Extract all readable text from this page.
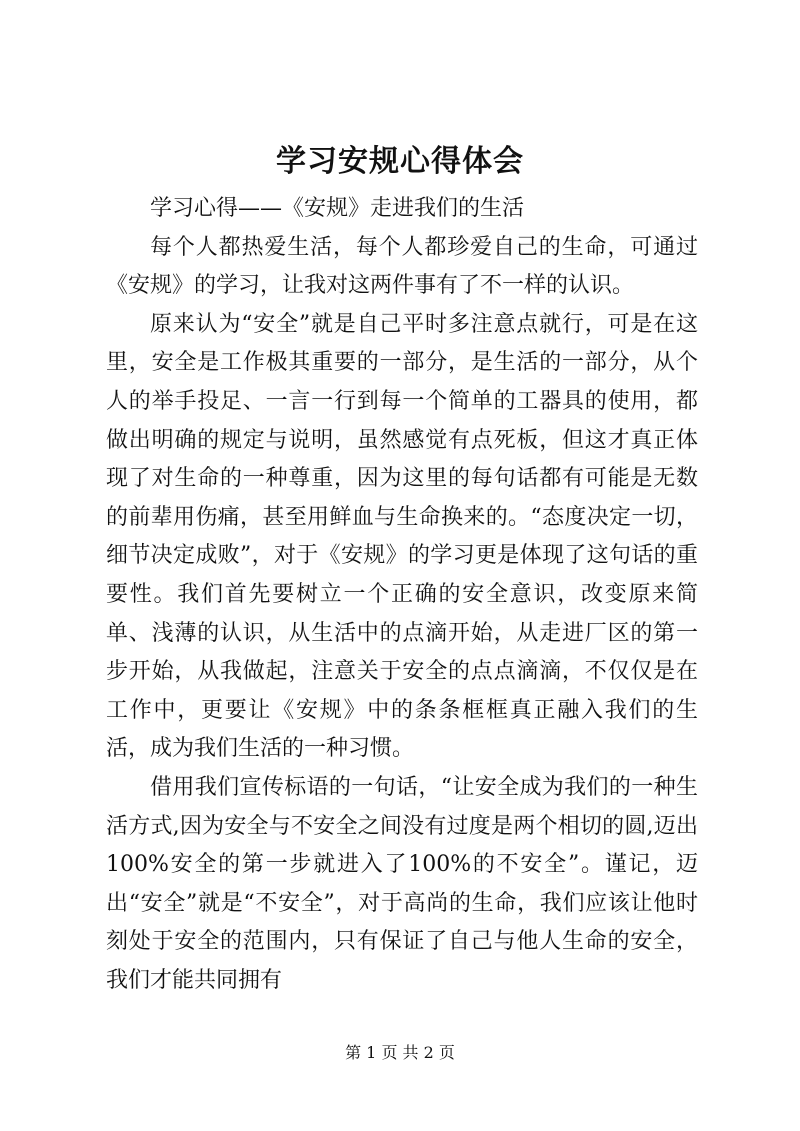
学习安规心得体会

学习心得——《安规》走进我们的生活

每个人都热爱生活，每个人都珍爱自己的生命，可通过《安规》的学习，让我对这两件事有了不一样的认识。

原来认为“安全”就是自己平时多注意点就行，可是在这里，安全是工作极其重要的一部分，是生活的一部分，从个人的举手投足、一言一行到每一个简单的工器具的使用，都做出明确的规定与说明，虽然感觉有点死板，但这才真正体现了对生命的一种尊重，因为这里的每句话都有可能是无数的前辈用伤痛，甚至用鲜血与生命换来的。“态度决定一切，细节决定成败”，对于《安规》的学习更是体现了这句话的重要性。我们首先要树立一个正确的安全意识，改变原来简单、浅薄的认识，从生活中的点滴开始，从走进厂区的第一步开始，从我做起，注意关于安全的点点滴滴，不仅仅是在工作中，更要让《安规》中的条条框框真正融入我们的生活，成为我们生活的一种习惯。

借用我们宣传标语的一句话，“让安全成为我们的一种生活方式,因为安全与不安全之间没有过度是两个相切的圆,迈出100%安全的第一步就进入了100%的不安全”。谨记，迈出“安全”就是“不安全”，对于高尚的生命，我们应该让他时刻处于安全的范围内，只有保证了自己与他人生命的安全，我们才能共同拥有

第 1 页 共 2 页
